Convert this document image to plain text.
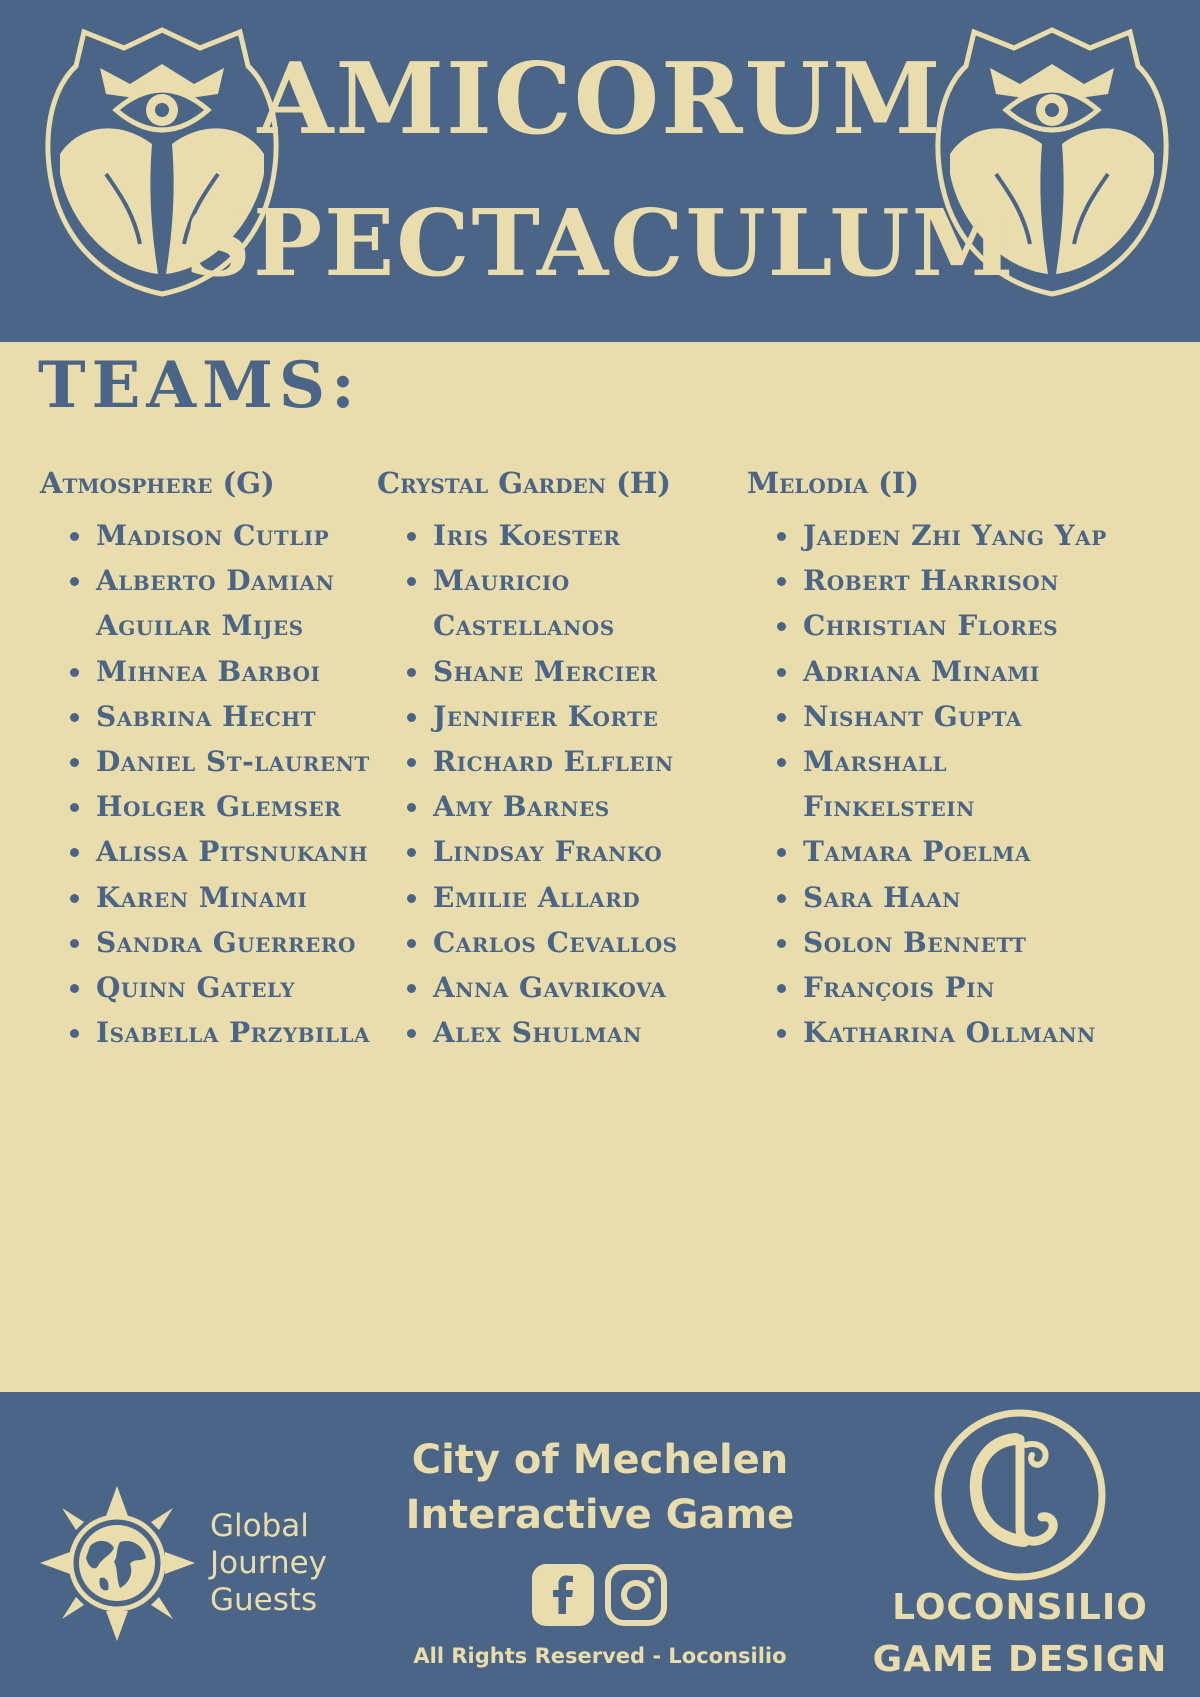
AMICORUM
SPECTACULUM
TEAMS:
Atmosphere (G)
Madison Cutlip
Alberto Damian Aguilar Mijes
Mihnea Barboi
Sabrina Hecht
Daniel St-laurent
Holger Glemser
Alissa Pitsnukanh
Karen Minami
Sandra Guerrero
Quinn Gately
Isabella Przybilla
Crystal Garden (H)
Iris Koester
Mauricio Castellanos
Shane Mercier
Jennifer Korte
Richard Elflein
Amy Barnes
Lindsay Franko
Emilie Allard
Carlos Cevallos
Anna Gavrikova
Alex Shulman
Melodia (I)
Jaeden Zhi Yang Yap
Robert Harrison
Christian Flores
Adriana Minami
Nishant Gupta
Marshall Finkelstein
Tamara Poelma
Sara Haan
Solon Bennett
François Pin
Katharina Ollmann
Global
Journey
Guests
City of Mechelen
Interactive Game
All Rights Reserved - Loconsilio
LOCONSILIO
GAME DESIGN
